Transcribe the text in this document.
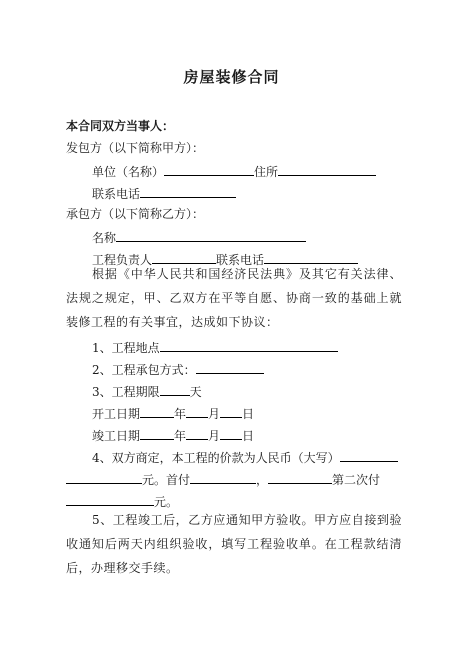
房屋装修合同
本合同双方当事人：
发包方（以下简称甲方）：
单位（名称）	住所
联系电话
承包方（以下简称乙方）：
名称
工程负责人	联系电话
根据《中华人民共和国经济民法典》及其它有关法律、法规之规定，甲、乙双方在平等自愿、协商一致的基础上就装修工程的有关事宜，达成如下协议：
1、工程地点
2、工程承包方式：
3、工程期限	天
开工日期	年 月 日
竣工日期	年 月 日
4、双方商定，本工程的价款为人民币（大写）
元。首付	，	第二次付
元。
5、工程竣工后，乙方应通知甲方验收。甲方应自接到验收通知后两天内组织验收，填写工程验收单。在工程款结清后，办理移交手续。
